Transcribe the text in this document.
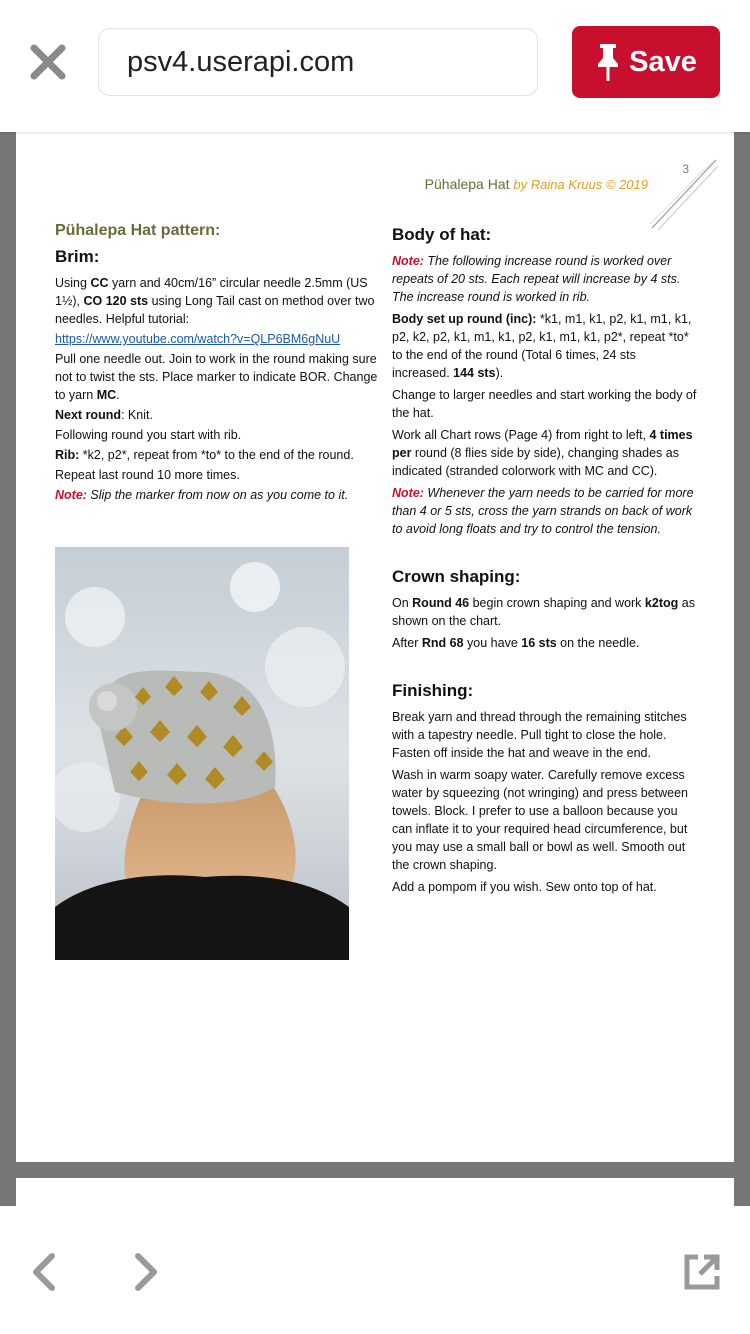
psv4.userapi.com	Save
Pühalepa Hat by Raina Kruus © 2019
3
Pühalepa Hat pattern:
Brim:

Using CC yarn and 40cm/16” circular needle 2.5mm (US 1½), CO 120 sts using Long Tail cast on method over two needles. Helpful tutorial:

https://www.youtube.com/watch?v=QLP6BM6gNuU

Pull one needle out. Join to work in the round making sure not to twist the sts. Place marker to indicate BOR. Change to yarn MC.

Next round: Knit.

Following round you start with rib.

Rib: *k2, p2*, repeat from *to* to the end of the round.

Repeat last round 10 more times.

Note: Slip the marker from now on as you come to it.

Body of hat:

Note: The following increase round is worked over repeats of 20 sts. Each repeat will increase by 4 sts. The increase round is worked in rib.

Body set up round (inc): *k1, m1, k1, p2, k1, m1, k1, p2, k2, p2, k1, m1, k1, p2, k1, m1, k1, p2*, repeat *to* to the end of the round (Total 6 times, 24 sts increased. 144 sts).

Change to larger needles and start working the body of the hat.

Work all Chart rows (Page 4) from right to left, 4 times per round (8 flies side by side), changing shades as indicated (stranded colorwork with MC and CC).

Note: Whenever the yarn needs to be carried for more than 4 or 5 sts, cross the yarn strands on back of work to avoid long floats and try to control the tension.

Crown shaping:

On Round 46 begin crown shaping and work k2tog as shown on the chart.

After Rnd 68 you have 16 sts on the needle.

Finishing:

Break yarn and thread through the remaining stitches with a tapestry needle. Pull tight to close the hole. Fasten off inside the hat and weave in the end.

Wash in warm soapy water. Carefully remove excess water by squeezing (not wringing) and press between towels. Block. I prefer to use a balloon because you can inflate it to your required head circumference, but you may use a small ball or bowl as well. Smooth out the crown shaping.

Add a pompom if you wish. Sew onto top of hat.
